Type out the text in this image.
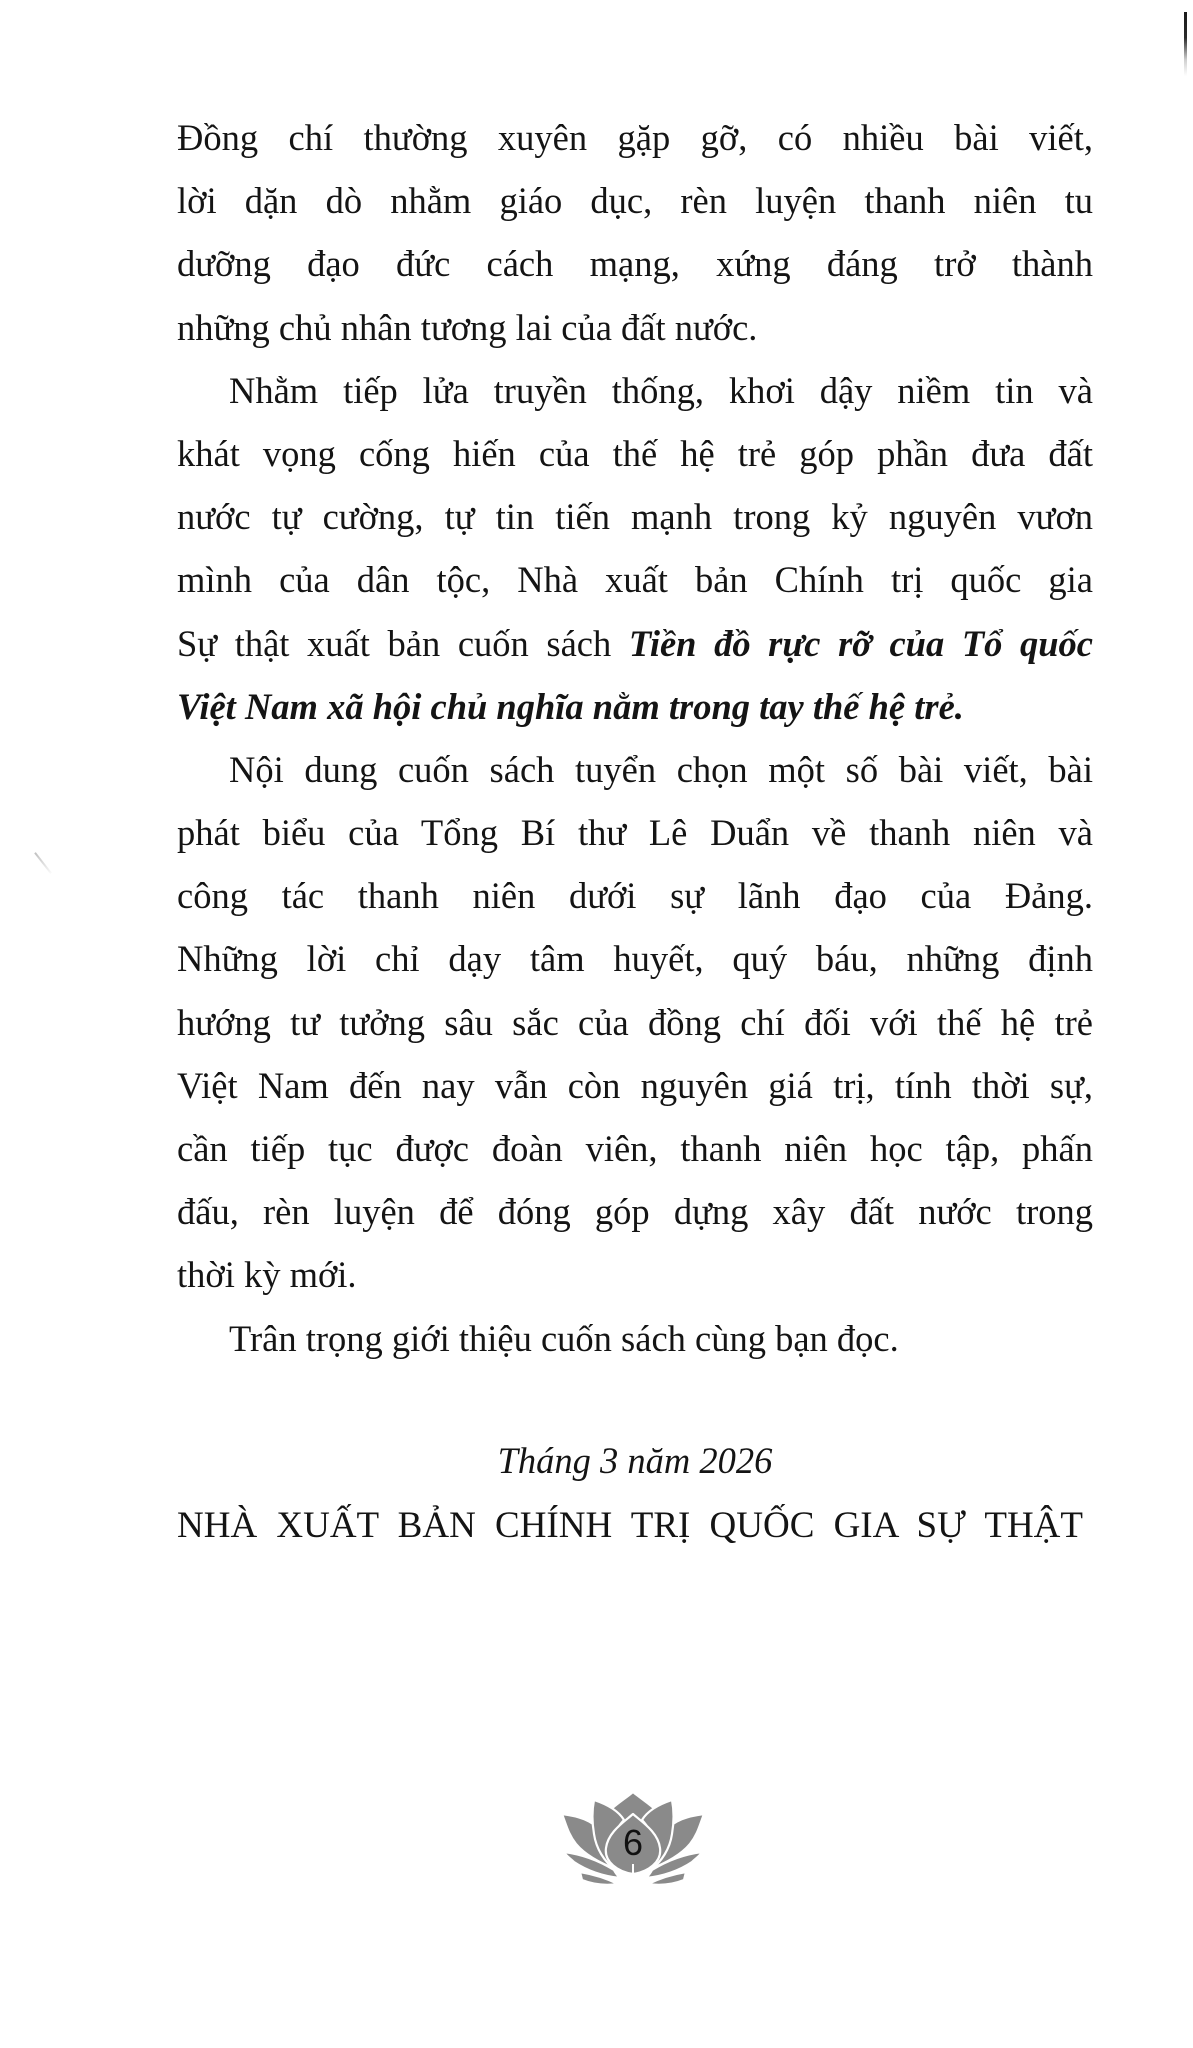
Đồng chí thường xuyên gặp gỡ, có nhiều bài viết,
lời dặn dò nhằm giáo dục, rèn luyện thanh niên tu
dưỡng đạo đức cách mạng, xứng đáng trở thành
những chủ nhân tương lai của đất nước.
Nhằm tiếp lửa truyền thống, khơi dậy niềm tin và
khát vọng cống hiến của thế hệ trẻ góp phần đưa đất
nước tự cường, tự tin tiến mạnh trong kỷ nguyên vươn
mình của dân tộc, Nhà xuất bản Chính trị quốc gia
Sự thật xuất bản cuốn sách Tiền đồ rực rỡ của Tổ quốc
Việt Nam xã hội chủ nghĩa nằm trong tay thế hệ trẻ.
Nội dung cuốn sách tuyển chọn một số bài viết, bài
phát biểu của Tổng Bí thư Lê Duẩn về thanh niên và
công tác thanh niên dưới sự lãnh đạo của Đảng.
Những lời chỉ dạy tâm huyết, quý báu, những định
hướng tư tưởng sâu sắc của đồng chí đối với thế hệ trẻ
Việt Nam đến nay vẫn còn nguyên giá trị, tính thời sự,
cần tiếp tục được đoàn viên, thanh niên học tập, phấn
đấu, rèn luyện để đóng góp dựng xây đất nước trong
thời kỳ mới.
Trân trọng giới thiệu cuốn sách cùng bạn đọc.
Tháng 3 năm 2026
NHÀ XUẤT BẢN CHÍNH TRỊ QUỐC GIA SỰ THẬT
6
